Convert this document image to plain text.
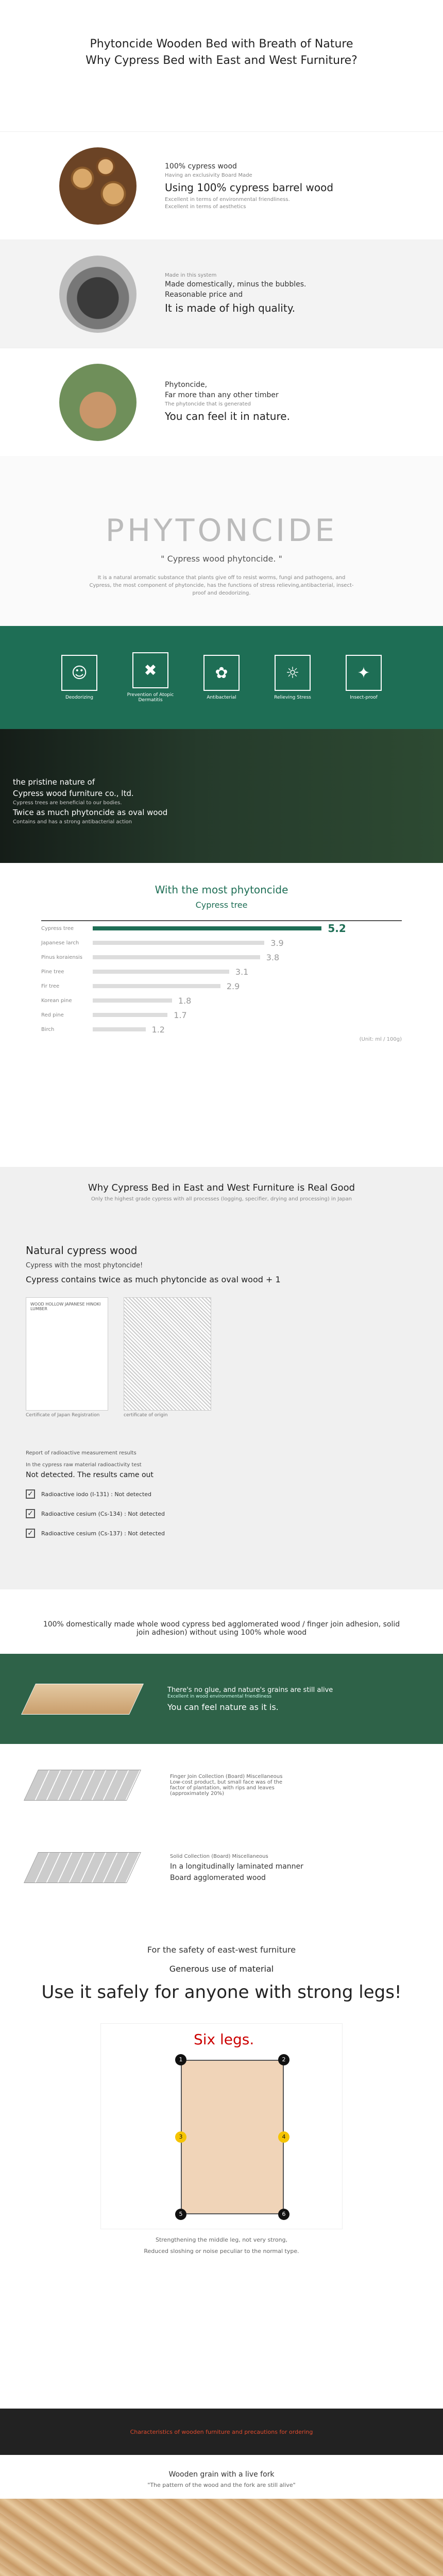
Phytoncide Wooden Bed with Breath of Nature
Why Cypress Bed with East and West Furniture?
100% cypress wood
Having an exclusivity Board Made
Using 100% cypress barrel wood
Excellent in terms of environmental friendliness.
Excellent in terms of aesthetics
Made in this system
Made domestically, minus the bubbles.
Reasonable price and
It is made of high quality.
Phytoncide,
Far more than any other timber
The phytoncide that is generated
You can feel it in nature.
PHYTONCIDE
" Cypress wood phytoncide. "

It is a natural aromatic substance that plants give off to resist worms, fungi and pathogens, and Cypress, the most component of phytoncide, has the functions of stress relieving,antibacterial, insect-proof and deodorizing.

☺
Deodorizing
✖
Prevention of Atopic Dermatitis
✿
Antibacterial
☼
Relieving Stress
✦
Insect-proof
the pristine nature of
Cypress wood furniture co., ltd.
Cypress trees are beneficial to our bodies.
Twice as much phytoncide as oval wood
Contains and has a strong antibacterial action
With the most phytoncide
Cypress tree
Cypress tree	5.2
Japanese larch	3.9
Pinus koraiensis	3.8
Pine tree	3.1
Fir tree	2.9
Korean pine	1.8
Red pine	1.7
Birch	1.2
(Unit: ml / 100g)
Why Cypress Bed in East and West Furniture is Real Good
Only the highest grade cypress with all processes (logging, specifier, drying and processing) in Japan
Natural cypress wood
Cypress with the most phytoncide!
Cypress contains twice as much phytoncide as oval wood + 1
WOOD HOLLOW JAPANESE HINOKI LUMBER
Certificate of Japan Registration	certificate of origin
Report of radioactive measurement results
In the cypress raw material radioactivity test
Not detected. The results came out
✓ Radioactive iodo (I-131) : Not detected
✓ Radioactive cesium (Cs-134) : Not detected
✓ Radioactive cesium (Cs-137) : Not detected
100% domestically made whole wood cypress bed agglomerated wood / finger join adhesion, solid join adhesion) without using 100% whole wood
There's no glue, and nature's grains are still alive
Excellent in wood environmental friendliness
You can feel nature as it is.
Finger Join Collection (Board) Miscellaneous
Low-cost product, but small face was of the factor of plantation, with rips and leaves (approximately 20%)
Solid Collection (Board) Miscellaneous
In a longitudinally laminated manner
Board agglomerated wood
For the safety of east-west furniture
Generous use of material
Use it safely for anyone with strong legs!
Six legs.
1	2
3	4
5	6
Strengthening the middle leg, not very strong,
Reduced sloshing or noise peculiar to the normal type.
Characteristics of wooden furniture and precautions for ordering
Wooden grain with a live fork
"The pattern of the wood and the fork are still alive"
